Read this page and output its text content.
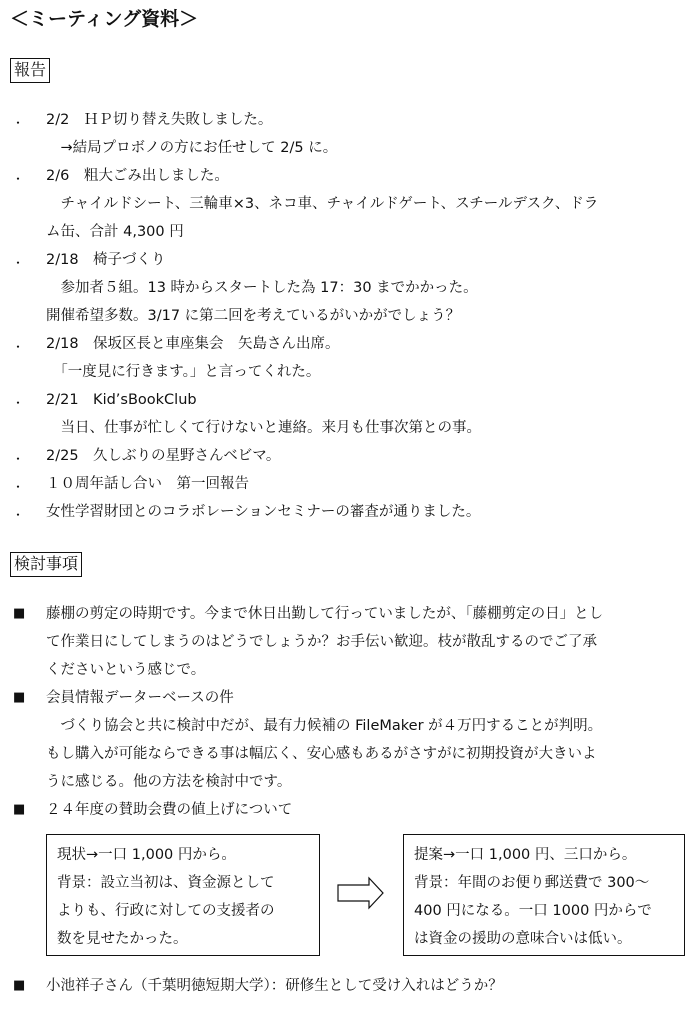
＜ミーティング資料＞
報告
・ 2/2　ＨＰ切り替え失敗しました。
　→結局プロボノの方にお任せして 2/5 に。
・ 2/6　粗大ごみ出しました。
　チャイルドシート、三輪車×3、ネコ車、チャイルドゲート、スチールデスク、ドラ
ム缶、合計 4,300 円
・ 2/18　椅子づくり
　参加者５組。13 時からスタートした為 17：30 までかかった。
開催希望多数。3/17 に第二回を考えているがいかがでしょう？
・ 2/18　保坂区長と車座集会　矢島さん出席。
　「一度見に行きます。」と言ってくれた。
・ 2/21　Kid’sBookClub
　当日、仕事が忙しくて行けないと連絡。来月も仕事次第との事。
・ 2/25　久しぶりの星野さんベビマ。
・ １０周年話し合い　第一回報告
・ 女性学習財団とのコラボレーションセミナーの審査が通りました。
検討事項
■ 藤棚の剪定の時期です。今まで休日出勤して行っていましたが、「藤棚剪定の日」とし
て作業日にしてしまうのはどうでしょうか？お手伝い歓迎。枝が散乱するのでご了承
くださいという感じで。
■ 会員情報データーベースの件
　づくり協会と共に検討中だが、最有力候補の FileMaker が４万円することが判明。
もし購入が可能ならできる事は幅広く、安心感もあるがさすがに初期投資が大きいよ
うに感じる。他の方法を検討中です。
■ ２４年度の賛助会費の値上げについて
現状→一口 1,000 円から。
背景：設立当初は、資金源として
よりも、行政に対しての支援者の
数を見せたかった。
提案→一口 1,000 円、三口から。
背景：年間のお便り郵送費で 300～
400 円になる。一口 1000 円からで
は資金の援助の意味合いは低い。
■ 小池祥子さん（千葉明徳短期大学）：研修生として受け入れはどうか？
